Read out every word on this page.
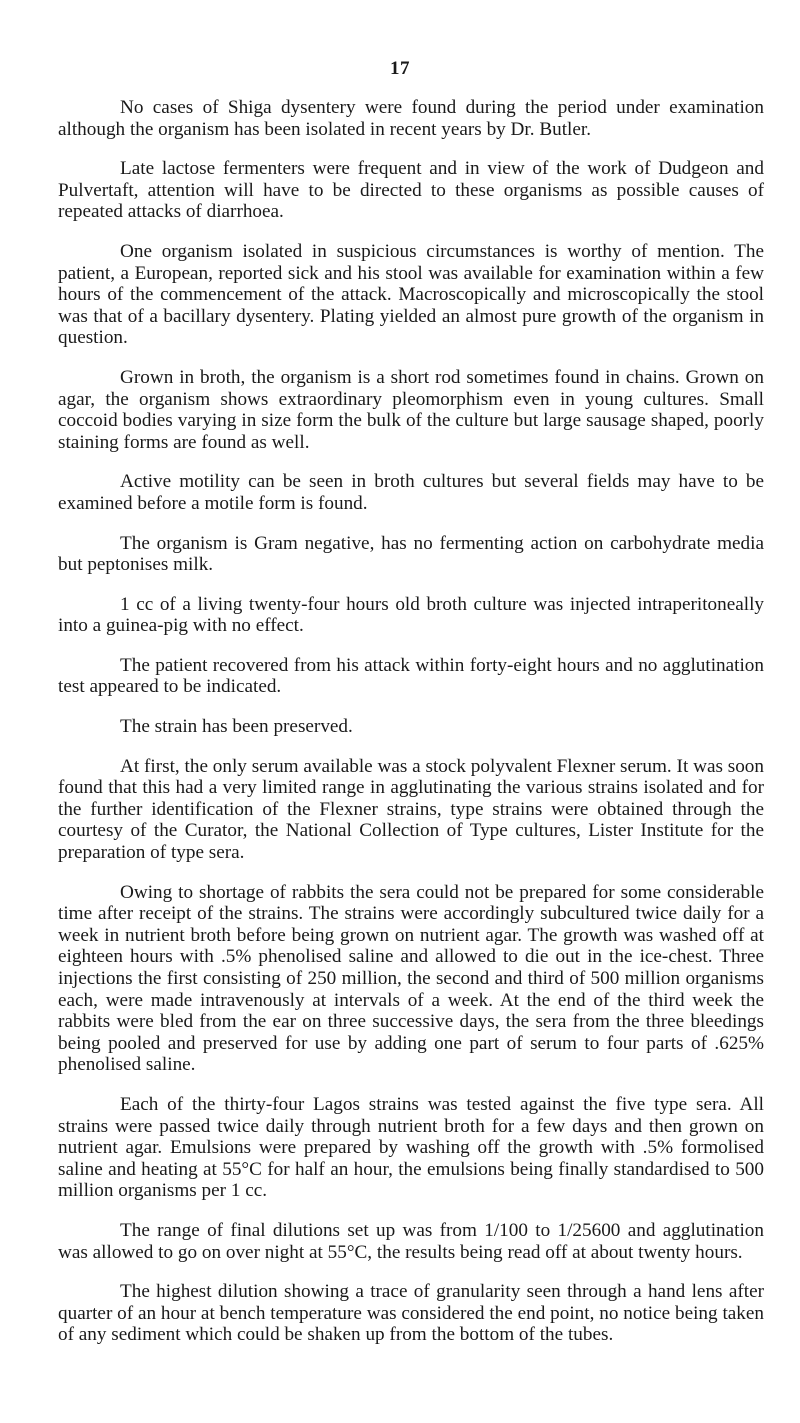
17

No cases of Shiga dysentery were found during the period under examination although the organism has been isolated in recent years by Dr. Butler.

Late lactose fermenters were frequent and in view of the work of Dudgeon and Pulvertaft, attention will have to be directed to these organisms as possible causes of repeated attacks of diarrhoea.

One organism isolated in suspicious circumstances is worthy of mention. The patient, a European, reported sick and his stool was available for examination within a few hours of the commencement of the attack. Macroscopically and microscopically the stool was that of a bacillary dysentery. Plating yielded an almost pure growth of the organism in question.

Grown in broth, the organism is a short rod sometimes found in chains. Grown on agar, the organism shows extraordinary pleomorphism even in young cultures. Small coccoid bodies varying in size form the bulk of the culture but large sausage shaped, poorly staining forms are found as well.

Active motility can be seen in broth cultures but several fields may have to be examined before a motile form is found.

The organism is Gram negative, has no fermenting action on carbohydrate media but peptonises milk.

1 cc of a living twenty-four hours old broth culture was injected intraperitoneally into a guinea-pig with no effect.

The patient recovered from his attack within forty-eight hours and no agglutination test appeared to be indicated.

The strain has been preserved.

At first, the only serum available was a stock polyvalent Flexner serum. It was soon found that this had a very limited range in agglutinating the various strains isolated and for the further identification of the Flexner strains, type strains were obtained through the courtesy of the Curator, the National Collection of Type cultures, Lister Institute for the preparation of type sera.

Owing to shortage of rabbits the sera could not be prepared for some considerable time after receipt of the strains. The strains were accordingly subcultured twice daily for a week in nutrient broth before being grown on nutrient agar. The growth was washed off at eighteen hours with .5% phenolised saline and allowed to die out in the ice-chest. Three injections the first consisting of 250 million, the second and third of 500 million organisms each, were made intravenously at intervals of a week. At the end of the third week the rabbits were bled from the ear on three successive days, the sera from the three bleedings being pooled and preserved for use by adding one part of serum to four parts of .625% phenolised saline.

Each of the thirty-four Lagos strains was tested against the five type sera. All strains were passed twice daily through nutrient broth for a few days and then grown on nutrient agar. Emulsions were prepared by washing off the growth with .5% formolised saline and heating at 55°C for half an hour, the emulsions being finally standardised to 500 million organisms per 1 cc.

The range of final dilutions set up was from 1/100 to 1/25600 and agglutination was allowed to go on over night at 55°C, the results being read off at about twenty hours.

The highest dilution showing a trace of granularity seen through a hand lens after quarter of an hour at bench temperature was considered the end point, no notice being taken of any sediment which could be shaken up from the bottom of the tubes.
